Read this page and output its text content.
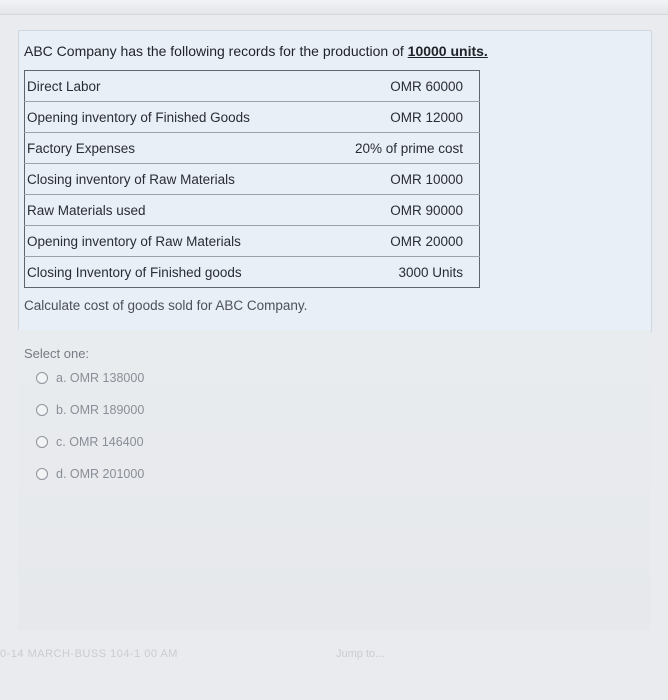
ABC Company has the following records for the production of 10000 units.
Direct Labor	OMR 60000
Opening inventory of Finished Goods	OMR 12000
Factory Expenses	20% of prime cost
Closing inventory of Raw Materials	OMR 10000
Raw Materials used	OMR 90000
Opening inventory of Raw Materials	OMR 20000
Closing Inventory of Finished goods	3000 Units
Calculate cost of goods sold for ABC Company.
Select one:
a.
OMR 138000
b.
OMR 189000
c.
OMR 146400
d.
OMR 201000
0-14 MARCH-BUSS 104-1 00 AM	Jump to...
